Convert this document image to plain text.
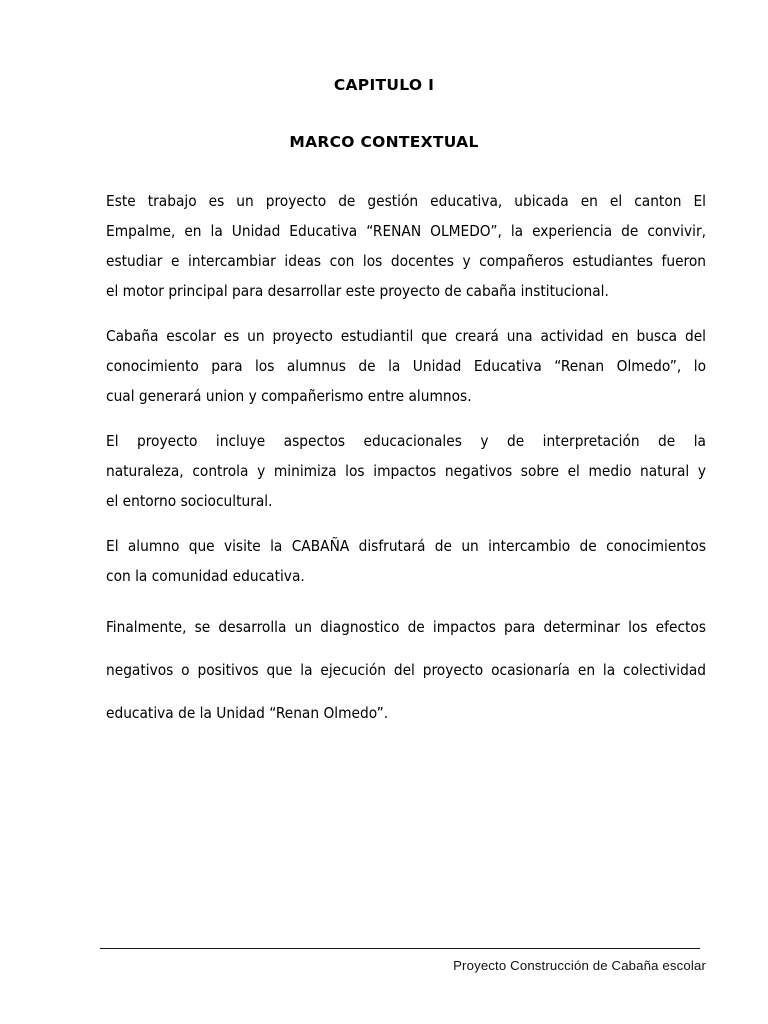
CAPITULO I
MARCO CONTEXTUAL

Este trabajo es un proyecto de gestión educativa, ubicada en el canton El
Empalme, en la Unidad Educativa “RENAN OLMEDO”, la experiencia de convivir,
estudiar e intercambiar ideas con los docentes y compañeros estudiantes fueron
el motor principal para desarrollar este proyecto de cabaña institucional.

Cabaña escolar es un proyecto estudiantil que creará una actividad en busca del
conocimiento para los alumnus de la Unidad Educativa “Renan Olmedo”, lo
cual generará union y compañerismo entre alumnos.

El proyecto incluye aspectos educacionales y de interpretación de la
naturaleza, controla y minimiza los impactos negativos sobre el medio natural y
el entorno sociocultural.

El alumno que visite la CABAÑA disfrutará de un intercambio de conocimientos
con la comunidad educativa.

Finalmente, se desarrolla un diagnostico de impactos para determinar los efectos
negativos o positivos que la ejecución del proyecto ocasionaría en la colectividad
educativa de la Unidad “Renan Olmedo”.

Proyecto Construcción de Cabaña escolar
